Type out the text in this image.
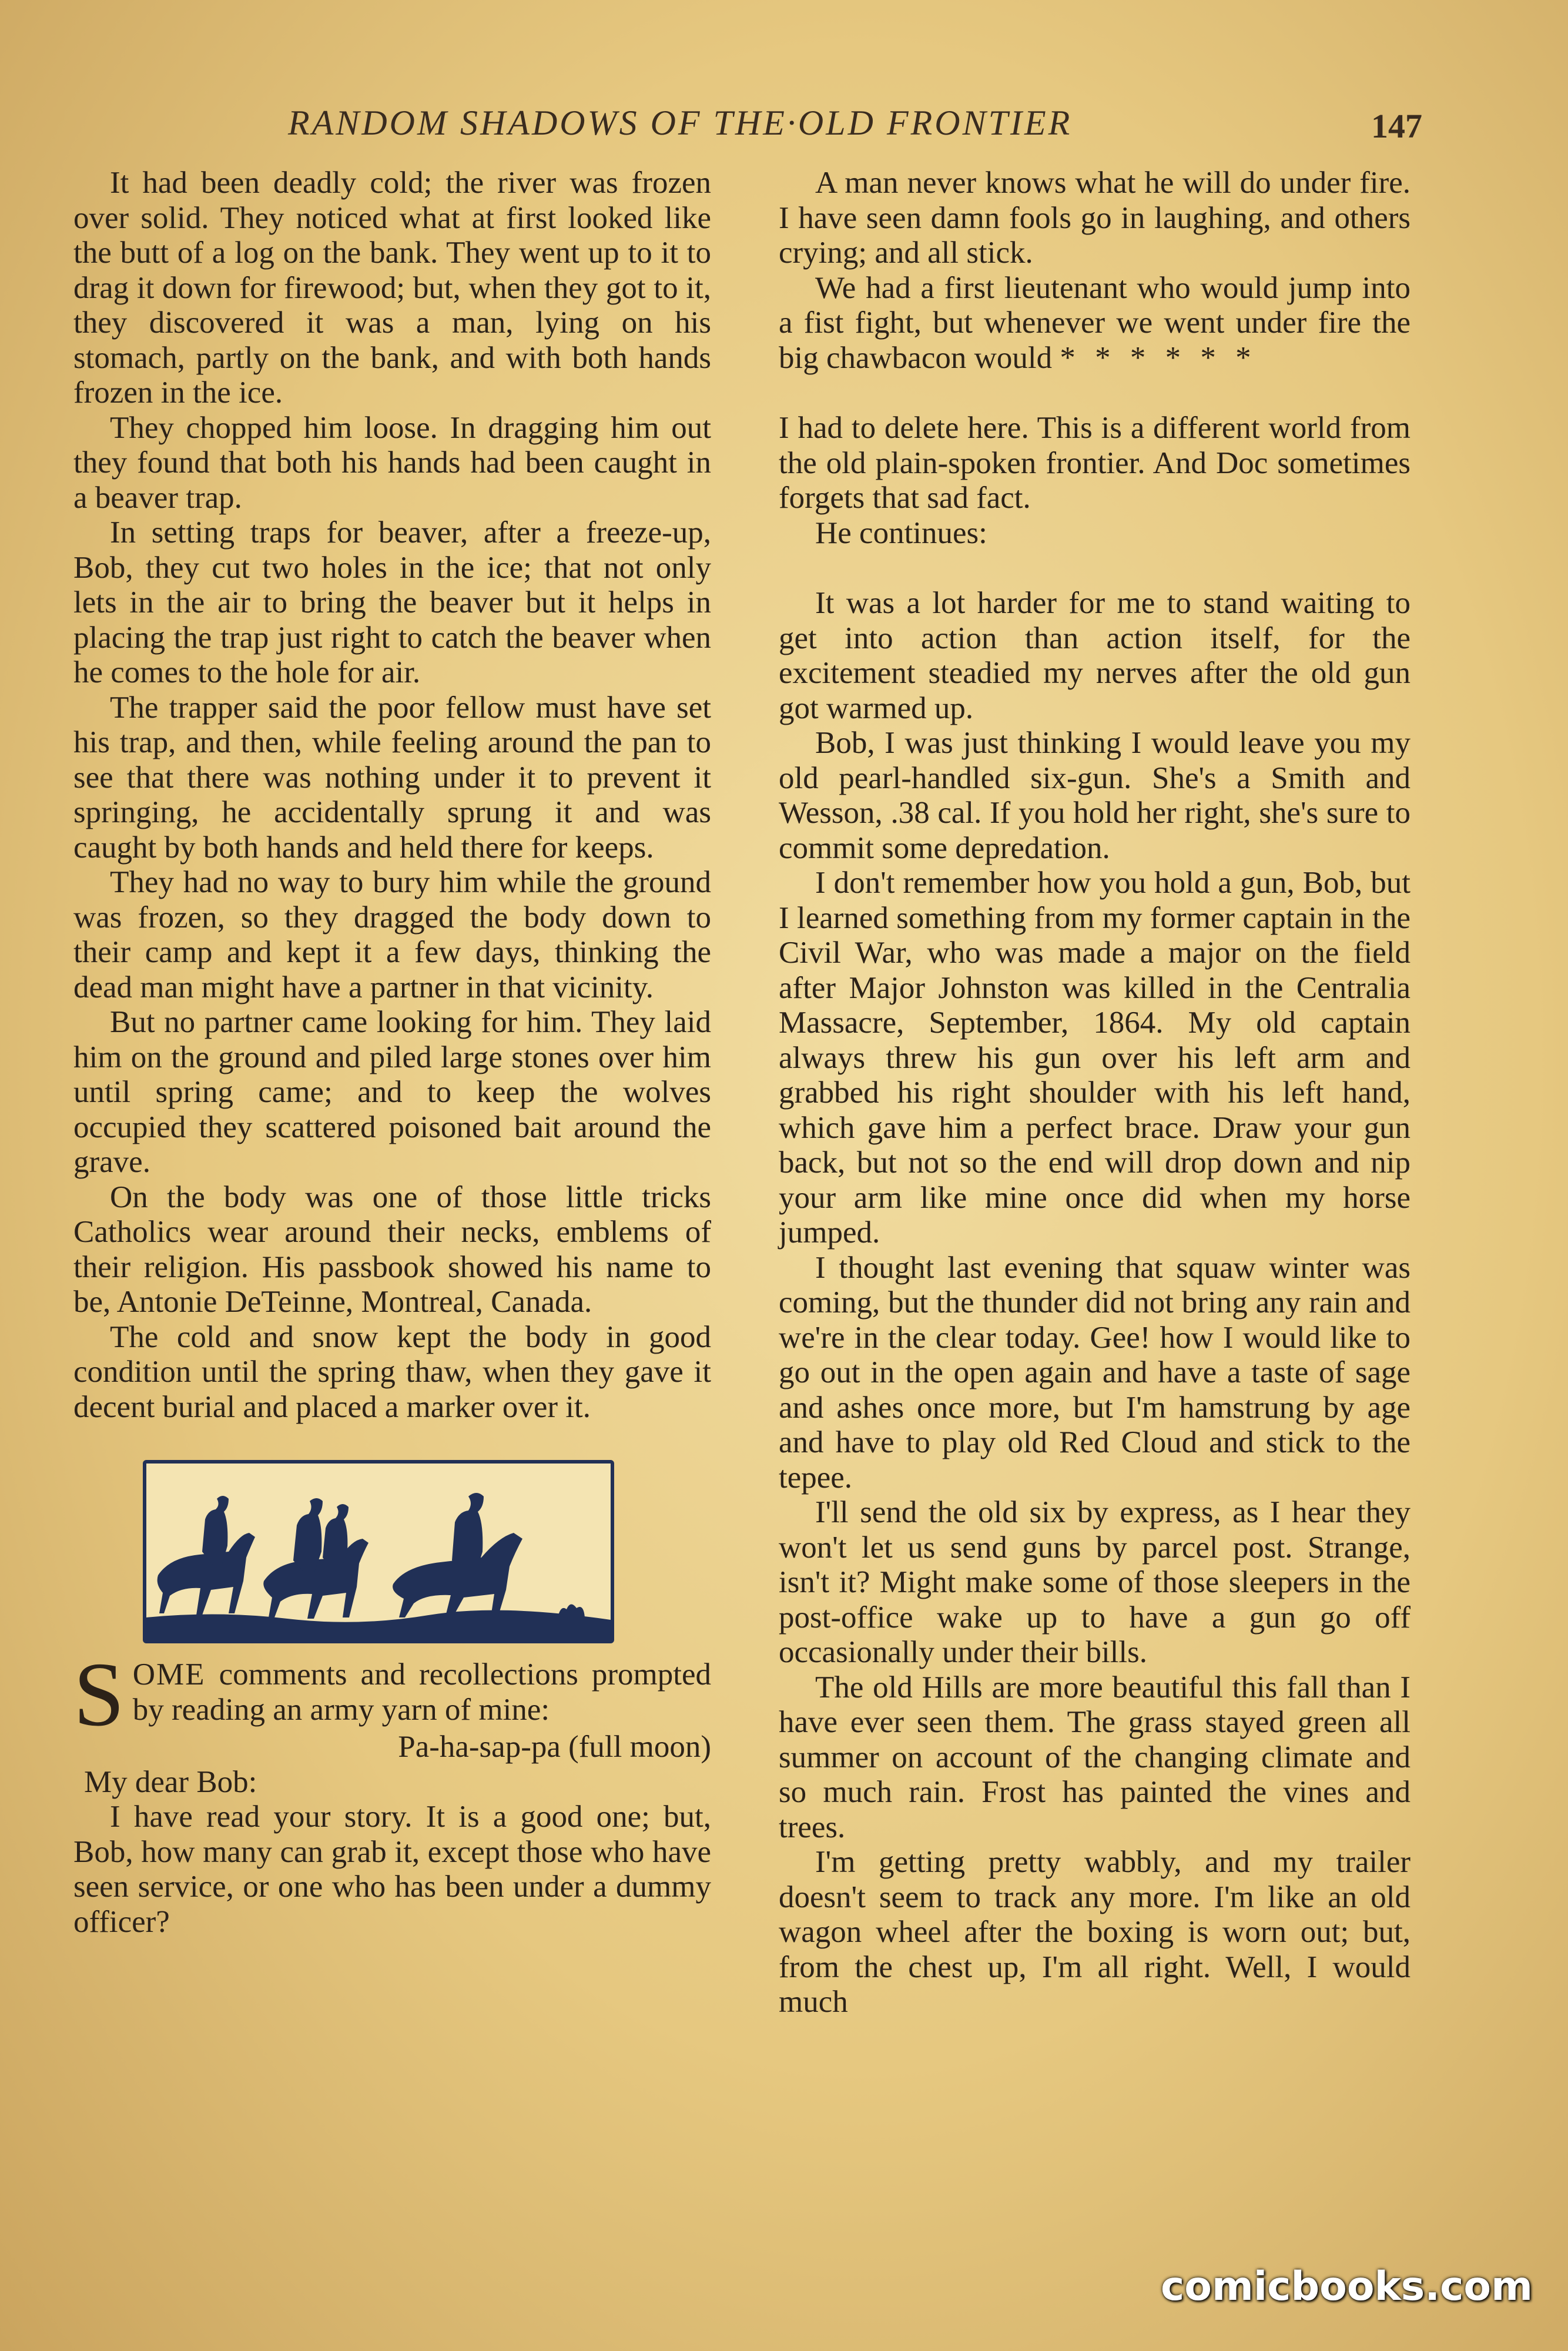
RANDOM SHADOWS OF THE·OLD FRONTIER	147

It had been deadly cold; the river was frozen over solid. They noticed what at first looked like the butt of a log on the bank. They went up to it to drag it down for firewood; but, when they got to it, they discovered it was a man, lying on his stomach, partly on the bank, and with both hands frozen in the ice.

They chopped him loose. In dragging him out they found that both his hands had been caught in a beaver trap.

In setting traps for beaver, after a freeze-up, Bob, they cut two holes in the ice; that not only lets in the air to bring the beaver but it helps in placing the trap just right to catch the beaver when he comes to the hole for air.

The trapper said the poor fellow must have set his trap, and then, while feeling around the pan to see that there was nothing under it to prevent it springing, he accidentally sprung it and was caught by both hands and held there for keeps.

They had no way to bury him while the ground was frozen, so they dragged the body down to their camp and kept it a few days, thinking the dead man might have a partner in that vicinity.

But no partner came looking for him. They laid him on the ground and piled large stones over him until spring came; and to keep the wolves occupied they scattered poisoned bait around the grave.

On the body was one of those little tricks Catholics wear around their necks, emblems of their religion. His passbook showed his name to be, Antonie DeTeinne, Montreal, Canada.

The cold and snow kept the body in good condition until the spring thaw, when they gave it decent burial and placed a marker over it.

SOME comments and recollections prompted by reading an army yarn of mine:

Pa-ha-sap-pa (full moon)

My dear Bob:

I have read your story. It is a good one; but, Bob, how many can grab it, except those who have seen service, or one who has been under a dummy officer?

A man never knows what he will do under fire. I have seen damn fools go in laughing, and others crying; and all stick.

We had a first lieutenant who would jump into a fist fight, but whenever we went under fire the big chawbacon would * * * * * *

I had to delete here. This is a different world from the old plain-spoken frontier. And Doc sometimes forgets that sad fact.

He continues:

It was a lot harder for me to stand waiting to get into action than action itself, for the excitement steadied my nerves after the old gun got warmed up.

Bob, I was just thinking I would leave you my old pearl-handled six-gun. She's a Smith and Wesson, .38 cal. If you hold her right, she's sure to commit some depredation.

I don't remember how you hold a gun, Bob, but I learned something from my former captain in the Civil War, who was made a major on the field after Major Johnston was killed in the Centralia Massacre, September, 1864. My old captain always threw his gun over his left arm and grabbed his right shoulder with his left hand, which gave him a perfect brace. Draw your gun back, but not so the end will drop down and nip your arm like mine once did when my horse jumped.

I thought last evening that squaw winter was coming, but the thunder did not bring any rain and we're in the clear today. Gee! how I would like to go out in the open again and have a taste of sage and ashes once more, but I'm hamstrung by age and have to play old Red Cloud and stick to the tepee.

I'll send the old six by express, as I hear they won't let us send guns by parcel post. Strange, isn't it? Might make some of those sleepers in the post-office wake up to have a gun go off occasionally under their bills.

The old Hills are more beautiful this fall than I have ever seen them. The grass stayed green all summer on account of the changing climate and so much rain. Frost has painted the vines and trees.

I'm getting pretty wabbly, and my trailer doesn't seem to track any more. I'm like an old wagon wheel after the boxing is worn out; but, from the chest up, I'm all right. Well, I would much

comicbooks.com
